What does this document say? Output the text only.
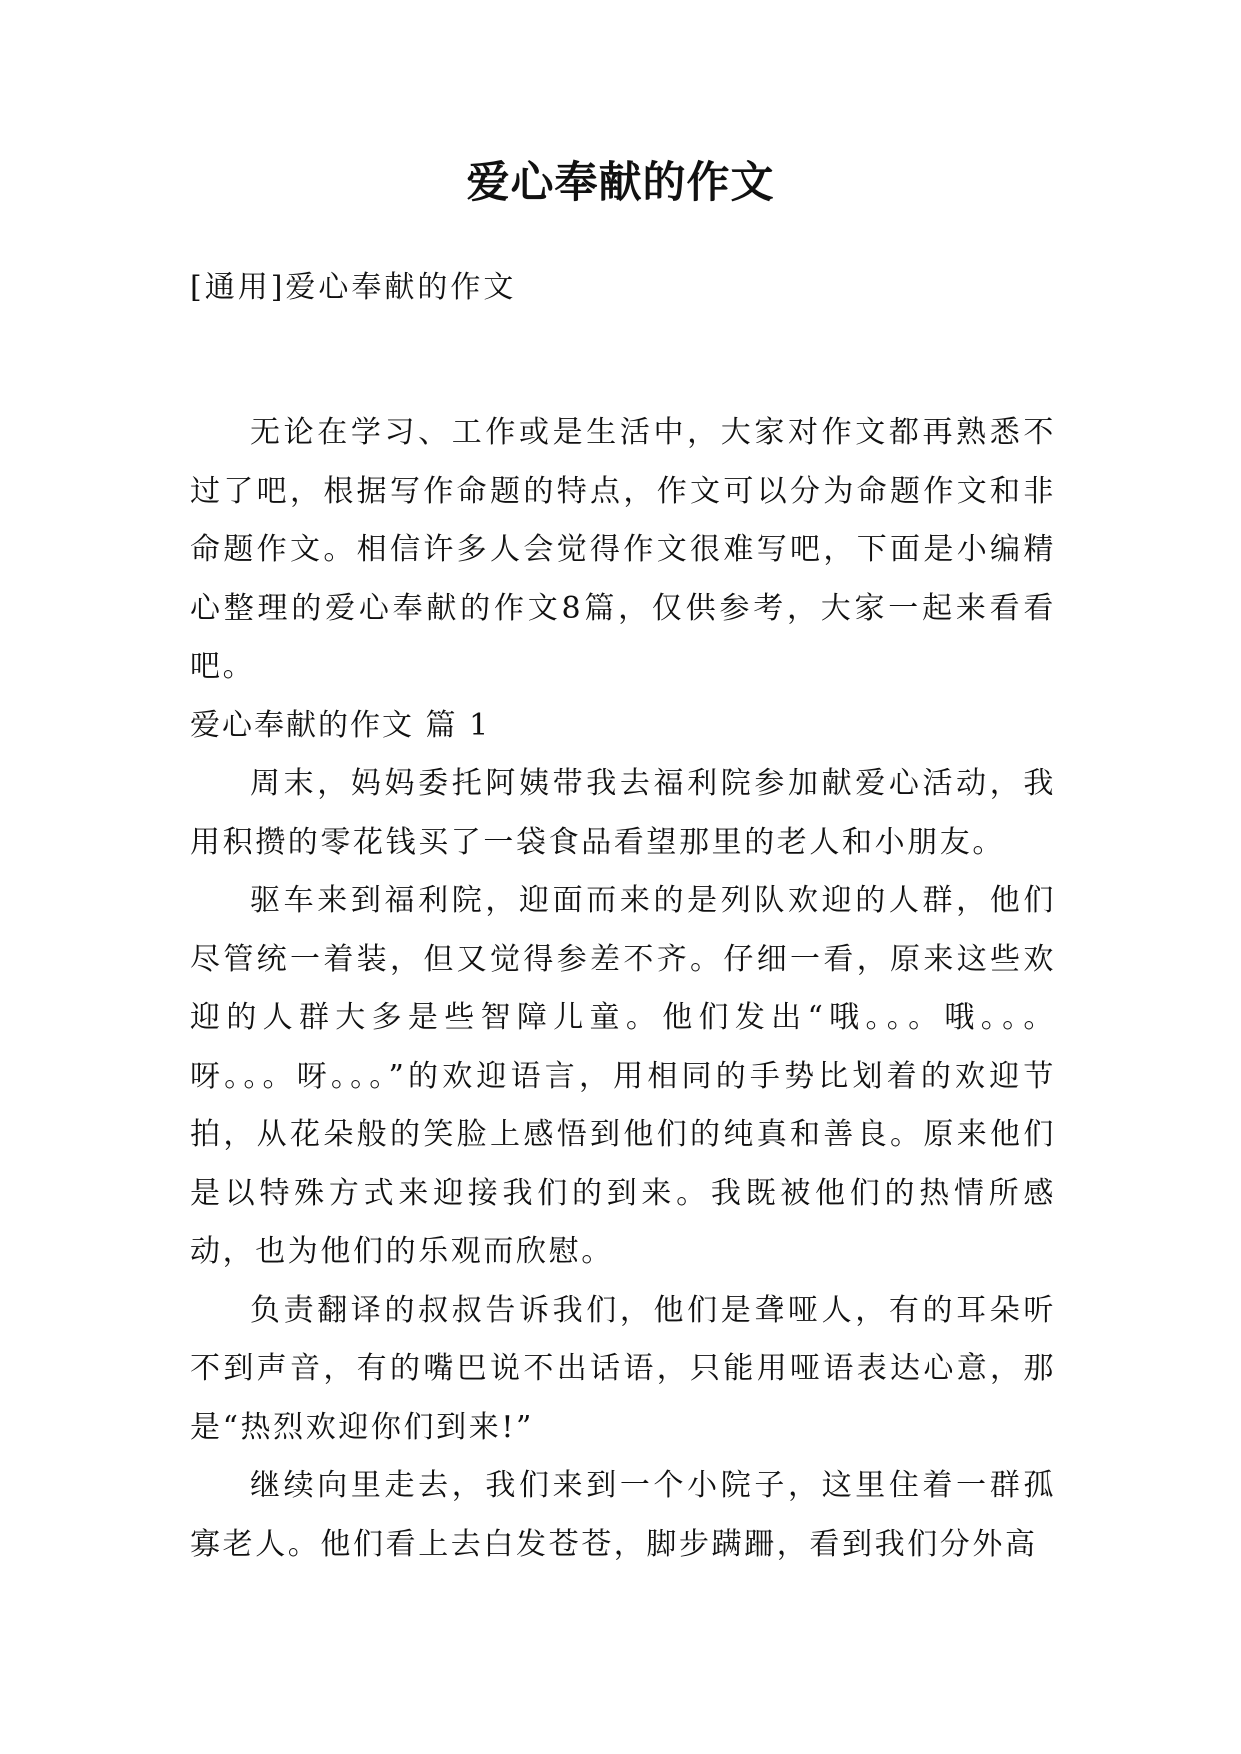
爱心奉献的作文

[通用]爱心奉献的作文

无论在学习、工作或是生活中，大家对作文都再熟悉不过了吧，根据写作命题的特点，作文可以分为命题作文和非命题作文。相信许多人会觉得作文很难写吧，下面是小编精心整理的爱心奉献的作文8篇，仅供参考，大家一起来看看吧。

爱心奉献的作文 篇 1

周末，妈妈委托阿姨带我去福利院参加献爱心活动，我用积攒的零花钱买了一袋食品看望那里的老人和小朋友。

驱车来到福利院，迎面而来的是列队欢迎的人群，他们尽管统一着装，但又觉得参差不齐。仔细一看，原来这些欢迎的人群大多是些智障儿童。他们发出“哦。。。哦。。。呀。。。呀。。。”的欢迎语言，用相同的手势比划着的欢迎节拍，从花朵般的笑脸上感悟到他们的纯真和善良。原来他们是以特殊方式来迎接我们的到来。我既被他们的热情所感动，也为他们的乐观而欣慰。

负责翻译的叔叔告诉我们，他们是聋哑人，有的耳朵听不到声音，有的嘴巴说不出话语，只能用哑语表达心意，那是“热烈欢迎你们到来!”

继续向里走去，我们来到一个小院子，这里住着一群孤寡老人。他们看上去白发苍苍，脚步蹒跚，看到我们分外高
